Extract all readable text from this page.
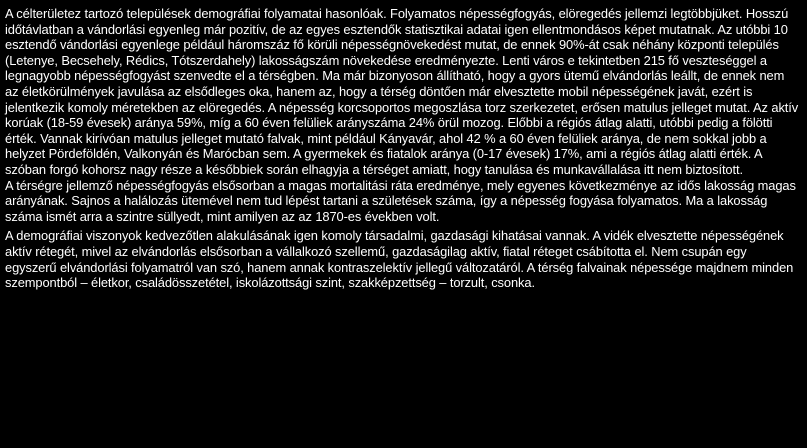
A célterületez tartozó települések demográfiai folyamatai hasonlóak. Folyamatos népességfogyás, elöregedés jellemzi legtöbbjüket. Hosszú időtávlatban a vándorlási egyenleg már pozitív, de az egyes esztendők statisztikai adatai igen ellentmondásos képet mutatnak. Az utóbbi 10 esztendő vándorlási egyenlege például háromszáz fő körüli népességnövekedést mutat, de ennek 90%-át csak néhány központi település (Letenye, Becsehely, Rédics, Tótszerdahely) lakosságszám növekedése eredményezte. Lenti város e tekintetben 215 fő veszteséggel a legnagyobb népességfogyást szenvedte el a térségben. Ma már bizonyoson állítható, hogy a gyors ütemű elvándorlás leállt, de ennek nem az életkörülmények javulása az elsődleges oka, hanem az, hogy a térség döntően már elvesztette mobil népességének javát, ezért is jelentkezik komoly méretekben az elöregedés. A népesség korcsoportos megoszlása torz szerkezetet, erősen matulus jelleget mutat. Az aktív korúak (18-59 évesek) aránya 59%, míg a 60 éven felüliek arányszáma 24% örül mozog. Előbbi a régiós átlag alatti, utóbbi pedig a fölötti érték. Vannak kirívóan matulus jelleget mutató falvak, mint például Kányavár, ahol 42 % a 60 éven felüliek aránya, de nem sokkal jobb a helyzet Pördeföldén, Valkonyán és Marócban sem. A gyermekek és fiatalok aránya (0-17 évesek) 17%, ami a régiós átlag alatti érték. A szóban forgó kohorsz nagy része a későbbiek során elhagyja a térséget amiatt, hogy tanulása és munkavállalása itt nem biztosított.

A térségre jellemző népességfogyás elsősorban a magas mortalitási ráta eredménye, mely egyenes következménye az idős lakosság magas arányának. Sajnos a halálozás ütemével nem tud lépést tartani a születések száma, így a népesség fogyása folyamatos. Ma a lakosság száma ismét arra a szintre süllyedt, mint amilyen az az 1870-es években volt.

A demográfiai viszonyok kedvezőtlen alakulásának igen komoly társadalmi, gazdasági kihatásai vannak. A vidék elvesztette népességének aktív rétegét, mivel az elvándorlás elsősorban a vállalkozó szellemű, gazdaságilag aktív, fiatal réteget csábította el. Nem csupán egy egyszerű elvándorlási folyamatról van szó, hanem annak kontraszelektív jellegű változatáról. A térség falvainak népessége majdnem minden szempontból – életkor, családösszetétel, iskolázottsági szint, szakképzettség – torzult, csonka.
